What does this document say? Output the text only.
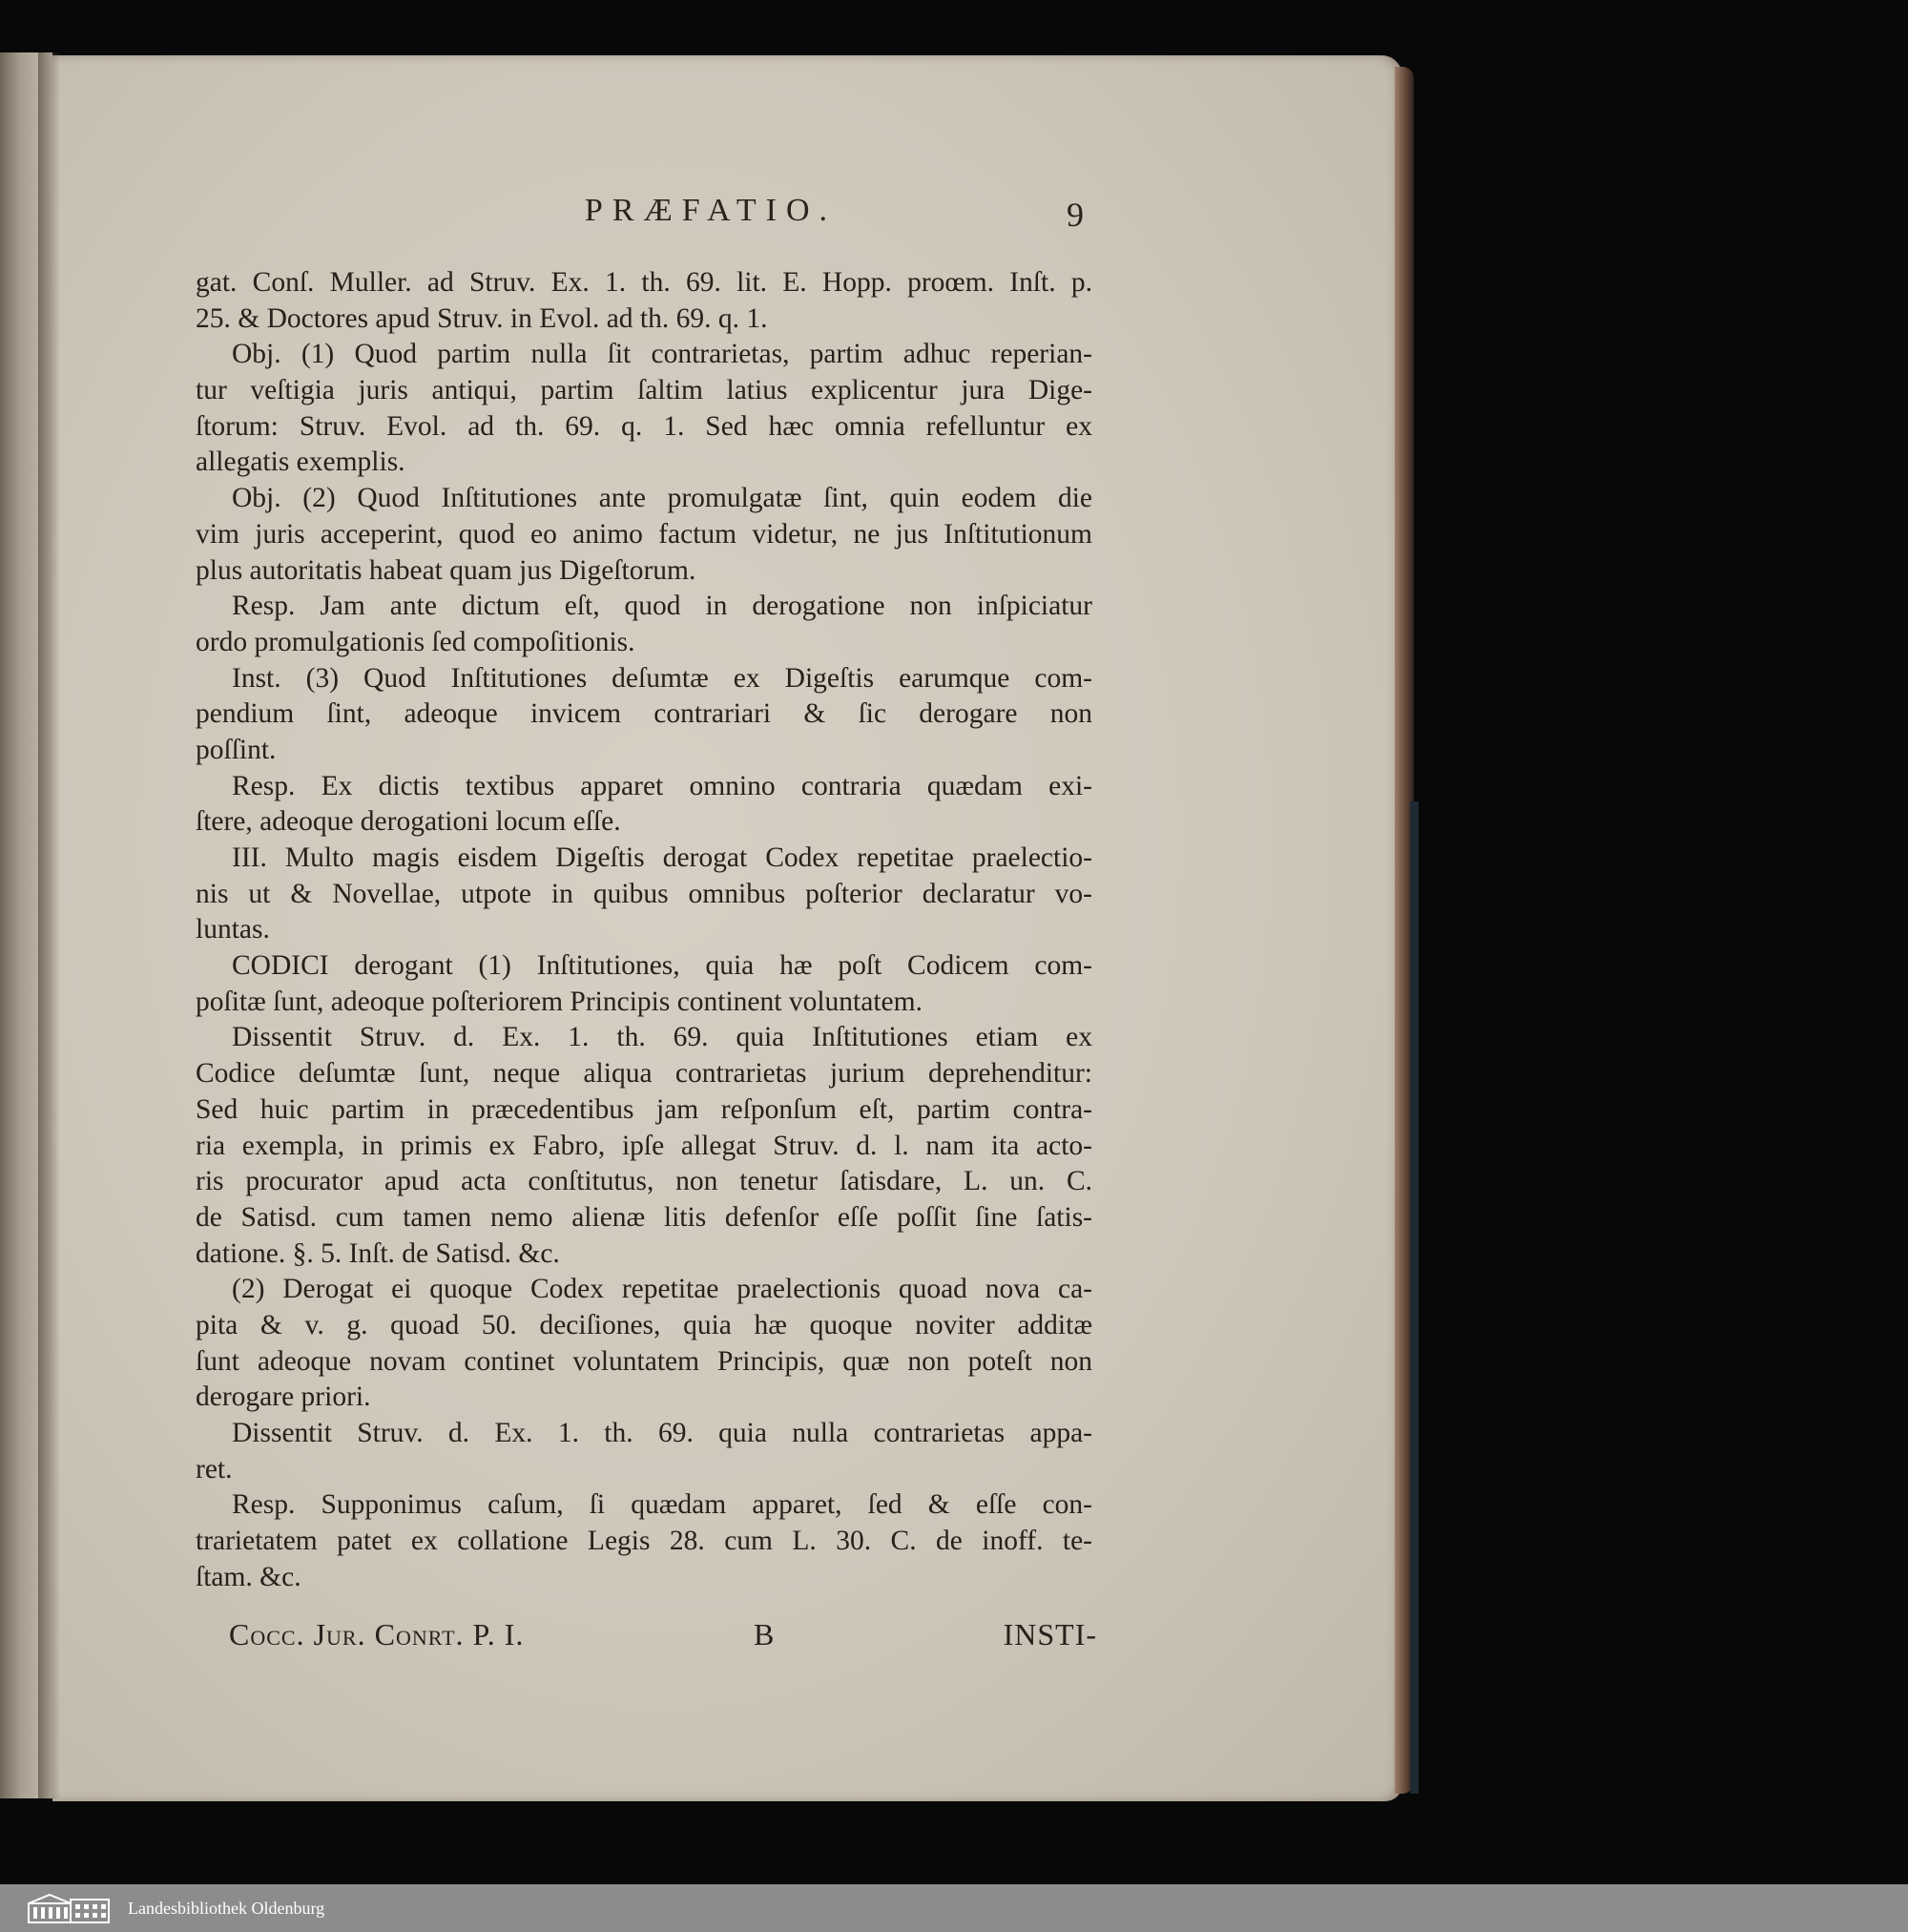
PRÆFATIO.	9
gat. Conſ. Muller. ad Struv. Ex. 1. th. 69. lit. E. Hopp. proœm. Inſt. p.
25. & Doctores apud Struv. in Evol. ad th. 69. q. 1.
Obj. (1) Quod partim nulla ſit contrarietas, partim adhuc reperian-
tur veſtigia juris antiqui, partim ſaltim latius explicentur jura Dige-
ſtorum: Struv. Evol. ad th. 69. q. 1. Sed hæc omnia refelluntur ex
allegatis exemplis.
Obj. (2) Quod Inſtitutiones ante promulgatæ ſint, quin eodem die
vim juris acceperint, quod eo animo factum videtur, ne jus Inſtitutionum
plus autoritatis habeat quam jus Digeſtorum.
Resp. Jam ante dictum eſt, quod in derogatione non inſpiciatur
ordo promulgationis ſed compoſitionis.
Inst. (3) Quod Inſtitutiones deſumtæ ex Digeſtis earumque com-
pendium ſint, adeoque invicem contrariari & ſic derogare non
poſſint.
Resp. Ex dictis textibus apparet omnino contraria quædam exi-
ſtere, adeoque derogationi locum eſſe.
III. Multo magis eisdem Digeſtis derogat Codex repetitae praelectio-
nis ut & Novellae, utpote in quibus omnibus poſterior declaratur vo-
luntas.
CODICI derogant (1) Inſtitutiones, quia hæ poſt Codicem com-
poſitæ ſunt, adeoque poſteriorem Principis continent voluntatem.
Dissentit Struv. d. Ex. 1. th. 69. quia Inſtitutiones etiam ex
Codice deſumtæ ſunt, neque aliqua contrarietas jurium deprehenditur:
Sed huic partim in præcedentibus jam reſponſum eſt, partim contra-
ria exempla, in primis ex Fabro, ipſe allegat Struv. d. l. nam ita acto-
ris procurator apud acta conſtitutus, non tenetur ſatisdare, L. un. C.
de Satisd. cum tamen nemo alienæ litis defenſor eſſe poſſit ſine ſatis-
datione. §. 5. Inſt. de Satisd. &c.
(2) Derogat ei quoque Codex repetitae praelectionis quoad nova ca-
pita & v. g. quoad 50. deciſiones, quia hæ quoque noviter additæ
ſunt adeoque novam continet voluntatem Principis, quæ non poteſt non
derogare priori.
Dissentit Struv. d. Ex. 1. th. 69. quia nulla contrarietas appa-
ret.
Resp. Supponimus caſum, ſi quædam apparet, ſed & eſſe con-
trarietatem patet ex collatione Legis 28. cum L. 30. C. de inoff. te-
ſtam. &c.
Cocc. Jur. Conrt. P. I.	B	INSTI-
Landesbibliothek Oldenburg
